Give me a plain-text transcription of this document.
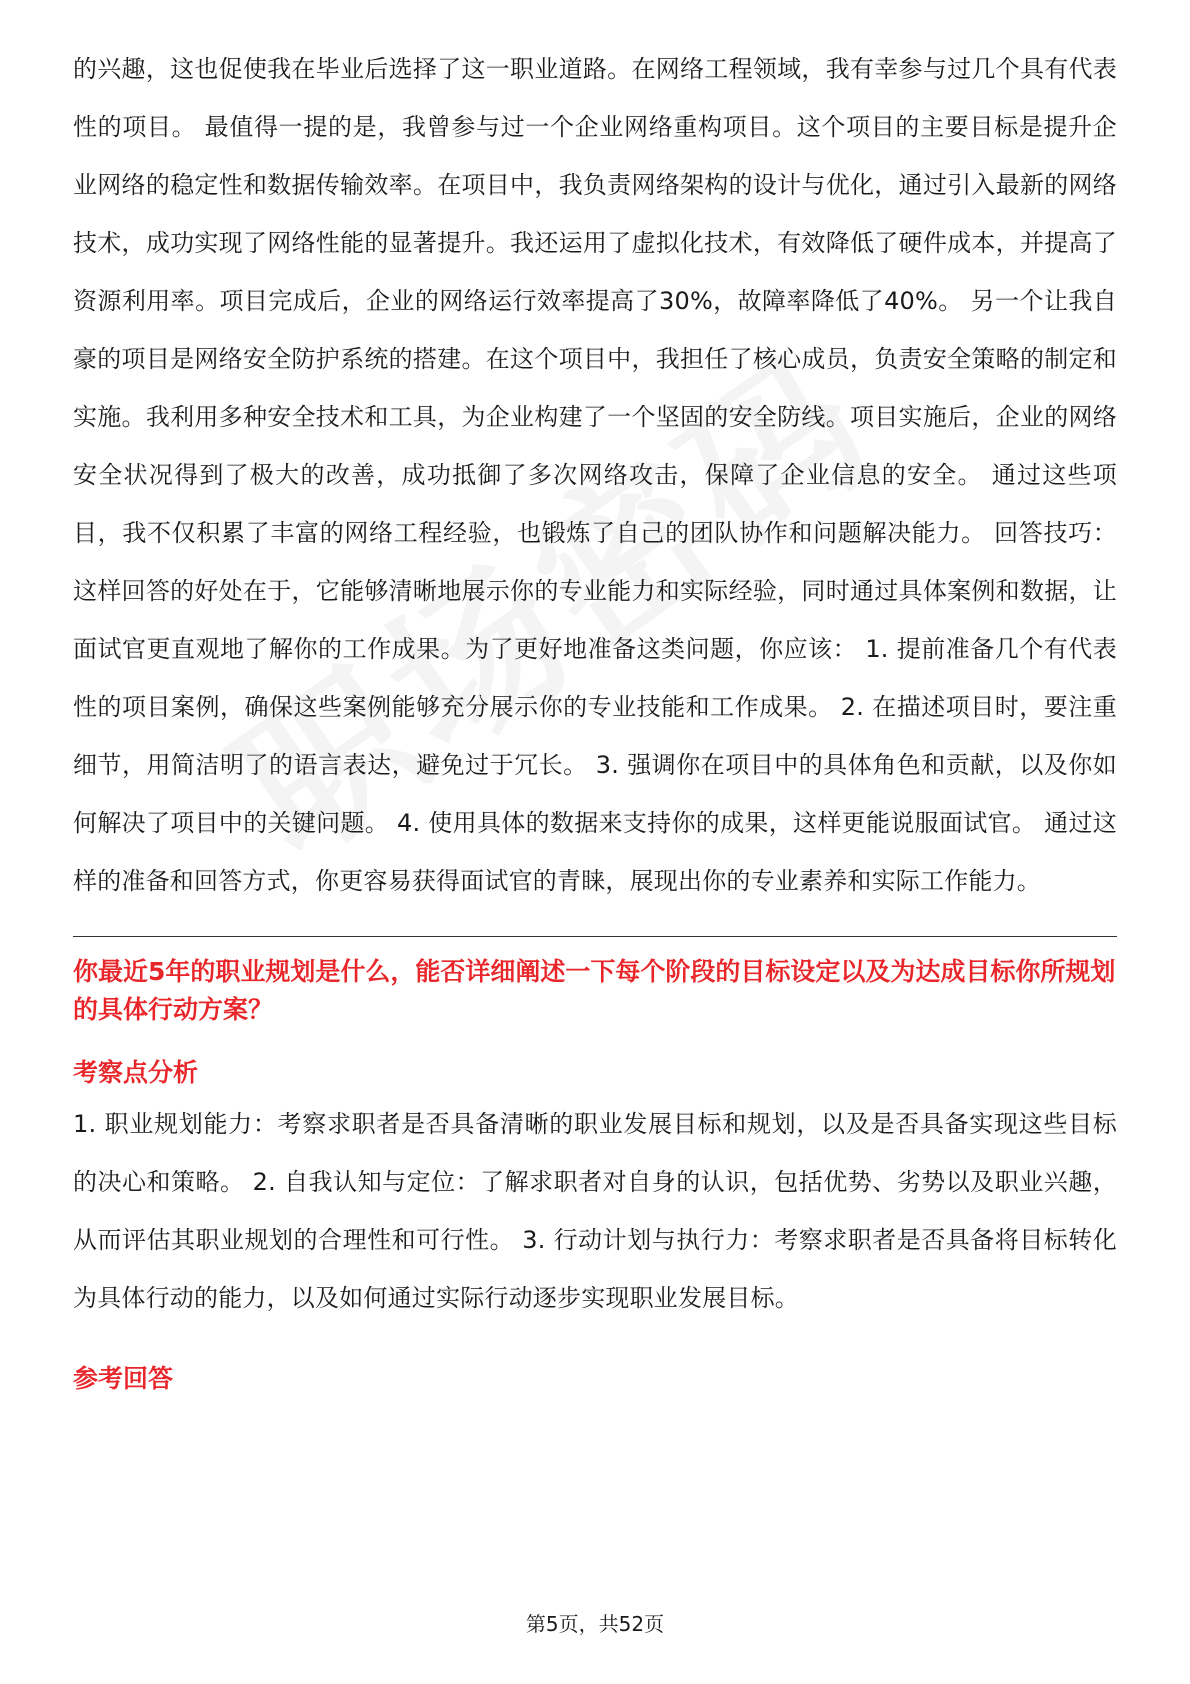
的兴趣，这也促使我在毕业后选择了这一职业道路。在网络工程领域，我有幸参与过几个具有代表性的项目。 最值得一提的是，我曾参与过一个企业网络重构项目。这个项目的主要目标是提升企业网络的稳定性和数据传输效率。在项目中，我负责网络架构的设计与优化，通过引入最新的网络技术，成功实现了网络性能的显著提升。我还运用了虚拟化技术，有效降低了硬件成本，并提高了资源利用率。项目完成后，企业的网络运行效率提高了30%，故障率降低了40%。 另一个让我自豪的项目是网络安全防护系统的搭建。在这个项目中，我担任了核心成员，负责安全策略的制定和实施。我利用多种安全技术和工具，为企业构建了一个坚固的安全防线。项目实施后，企业的网络安全状况得到了极大的改善，成功抵御了多次网络攻击，保障了企业信息的安全。 通过这些项目，我不仅积累了丰富的网络工程经验，也锻炼了自己的团队协作和问题解决能力。 回答技巧： 这样回答的好处在于，它能够清晰地展示你的专业能力和实际经验，同时通过具体案例和数据，让面试官更直观地了解你的工作成果。为了更好地准备这类问题，你应该： 1. 提前准备几个有代表性的项目案例，确保这些案例能够充分展示你的专业技能和工作成果。 2. 在描述项目时，要注重细节，用简洁明了的语言表达，避免过于冗长。 3. 强调你在项目中的具体角色和贡献，以及你如何解决了项目中的关键问题。 4. 使用具体的数据来支持你的成果，这样更能说服面试官。 通过这样的准备和回答方式，你更容易获得面试官的青睐，展现出你的专业素养和实际工作能力。

你最近5年的职业规划是什么，能否详细阐述一下每个阶段的目标设定以及为达成目标你所规划的具体行动方案？
考察点分析

1. 职业规划能力：考察求职者是否具备清晰的职业发展目标和规划，以及是否具备实现这些目标的决心和策略。 2. 自我认知与定位：了解求职者对自身的认识，包括优势、劣势以及职业兴趣，从而评估其职业规划的合理性和可行性。 3. 行动计划与执行力：考察求职者是否具备将目标转化为具体行动的能力，以及如何通过实际行动逐步实现职业发展目标。

参考回答
第5页，共52页
